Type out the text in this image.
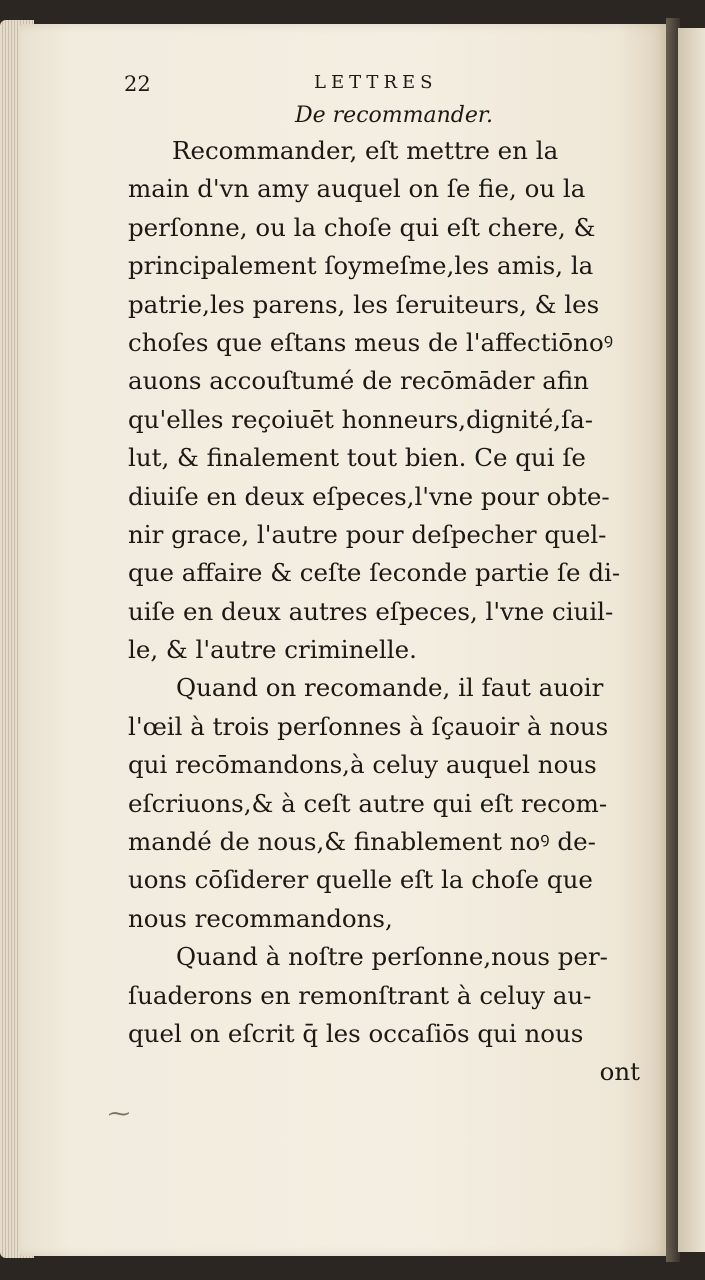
22	LETTRES
De recommander.
Recommander, eſt mettre en la
main d'vn amy auquel on ſe fie, ou la
perſonne, ou la choſe qui eſt chere, &
principalement ſoymeſme,les amis, la
patrie,les parens, les ſeruiteurs, & les
choſes que eſtans meus de l'affectiōnoꝰ
auons accouſtumé de recōmāder afin
qu'elles reçoiuēt honneurs,dignité,ſa-
lut, & finalement tout bien. Ce qui ſe
diuiſe en deux eſpeces,l'vne pour obte-
nir grace, l'autre pour deſpecher quel-
que affaire & ceſte ſeconde partie ſe di-
uiſe en deux autres eſpeces, l'vne ciuil-
le, & l'autre criminelle.
Quand on recomande, il faut auoir
l'œil à trois perſonnes à ſçauoir à nous
qui recōmandons,à celuy auquel nous
eſcriuons,& à ceſt autre qui eſt recom-
mandé de nous,& finablement noꝰ de-
uons cōſiderer quelle eſt la choſe que
nous recommandons,
Quand à noſtre perſonne,nous per-
ſuaderons en remonſtrant à celuy au-
quel on eſcrit q̄ les occaſiōs qui nous
ont
⁓
